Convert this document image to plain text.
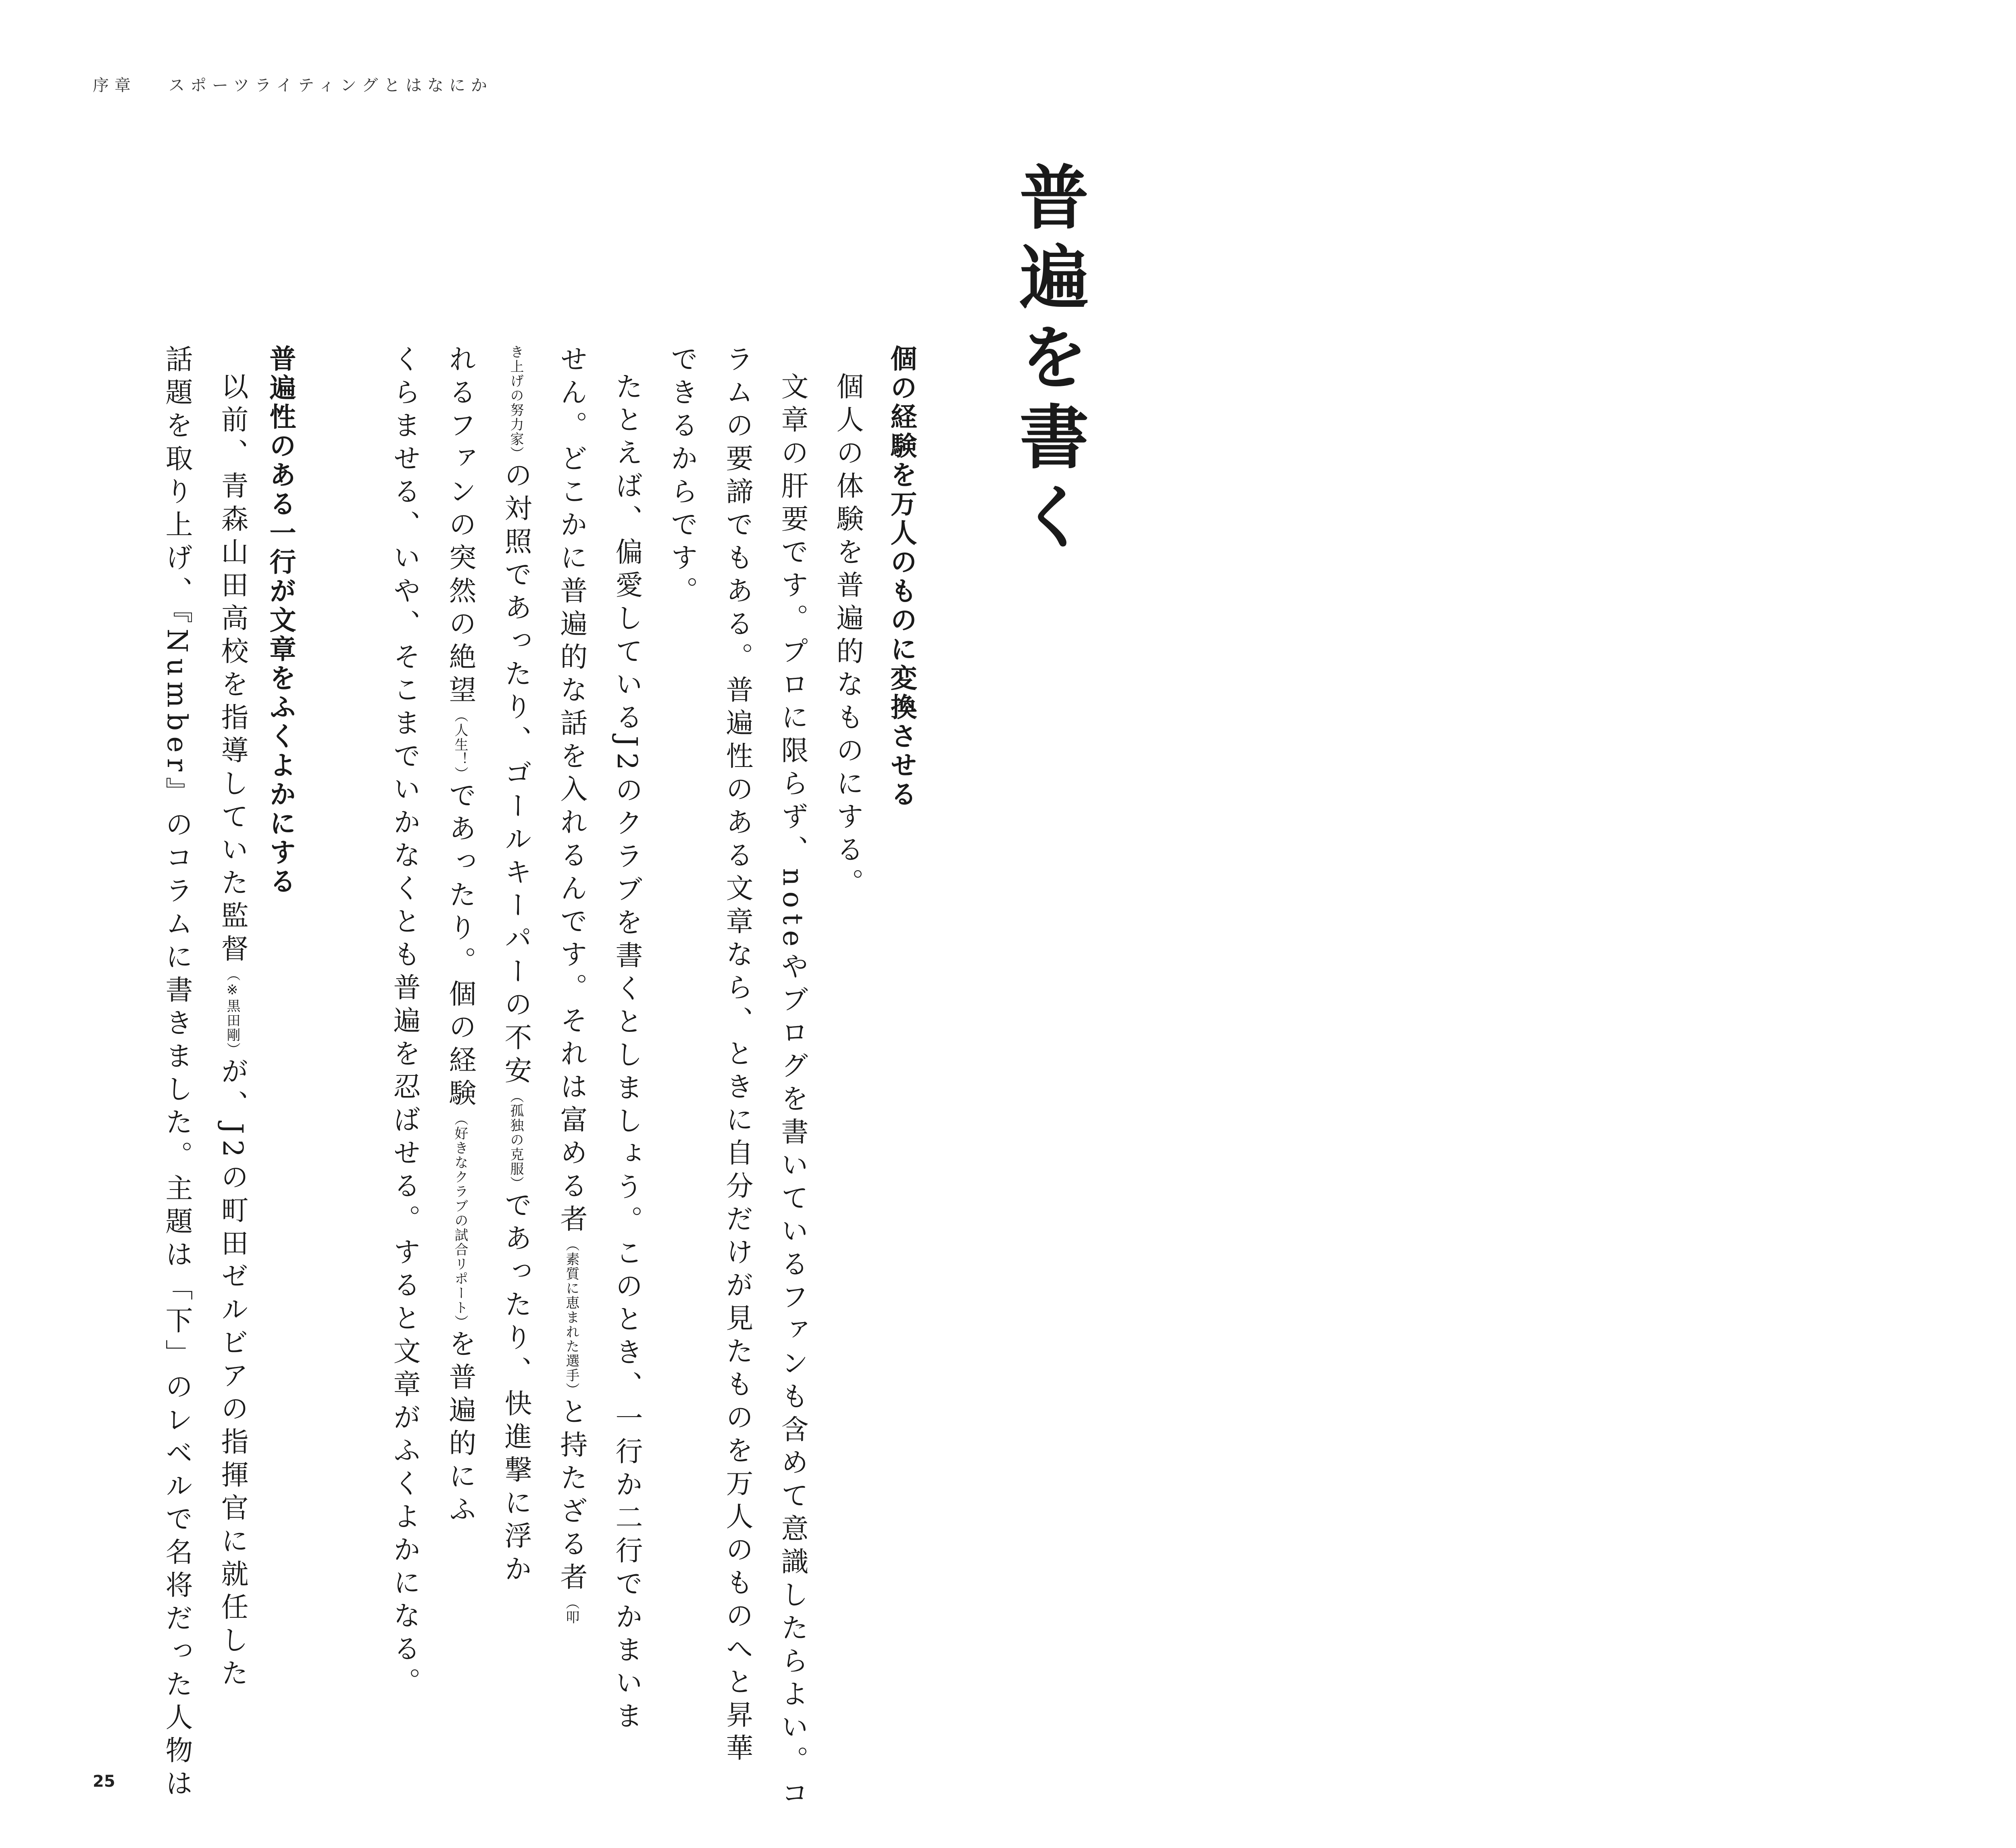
序章 スポーツライティングとはなにか
普遍を書く
個の経験を万人のものに変換させる
個人の体験を普遍的なものにする。
文章の肝要です。プロに限らず、noteやブログを書いているファンも含めて意識したらよい。コ
ラムの要諦でもある。普遍性のある文章なら、ときに自分だけが見たものを万人のものへと昇華
できるからです。
たとえば、偏愛しているJ2のクラブを書くとしましょう。このとき、一行か二行でかまいま
せん。どこかに普遍的な話を入れるんです。それは富める者（素質に恵まれた選手）と持たざる者（叩
き上げの努力家）の対照であったり、ゴールキーパーの不安（孤独の克服）であったり、快進撃に浮か
れるファンの突然の絶望（人生！）であったり。個の経験（好きなクラブの試合リポート）を普遍的にふ
くらませる、いや、そこまでいかなくとも普遍を忍ばせる。すると文章がふくよかになる。
普遍性のある一行が文章をふくよかにする
以前、青森山田高校を指導していた監督（※黒田剛）が、J2の町田ゼルビアの指揮官に就任した
話題を取り上げ、『Number』のコラムに書きました。主題は「下」のレベルで名将だった人物は
25
